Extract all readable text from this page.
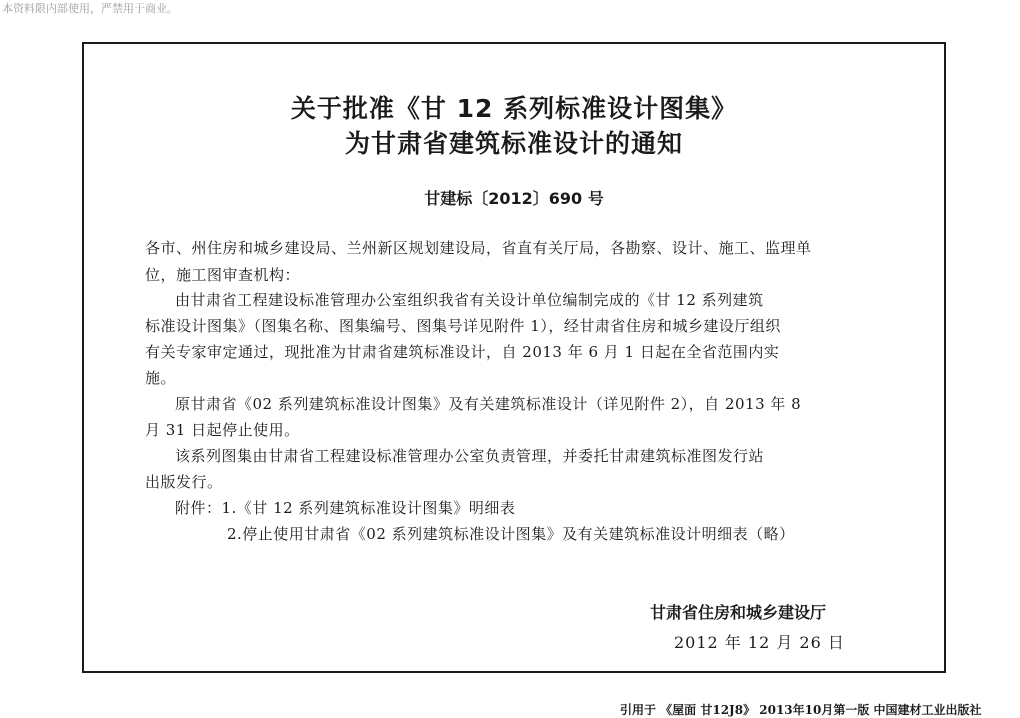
本资料限内部使用，严禁用于商业。
关于批准《甘 12 系列标准设计图集》
为甘肃省建筑标准设计的通知
甘建标〔2012〕690 号
各市、州住房和城乡建设局、兰州新区规划建设局，省直有关厅局，各勘察、设计、施工、监理单
位，施工图审查机构：
由甘肃省工程建设标准管理办公室组织我省有关设计单位编制完成的《甘 12 系列建筑
标准设计图集》（图集名称、图集编号、图集号详见附件 1），经甘肃省住房和城乡建设厅组织
有关专家审定通过，现批准为甘肃省建筑标准设计，自 2013 年 6 月 1 日起在全省范围内实
施。
原甘肃省《02 系列建筑标准设计图集》及有关建筑标准设计（详见附件 2），自 2013 年 8
月 31 日起停止使用。
该系列图集由甘肃省工程建设标准管理办公室负责管理，并委托甘肃建筑标准图发行站
出版发行。
附件：1.《甘 12 系列建筑标准设计图集》明细表
2.停止使用甘肃省《02 系列建筑标准设计图集》及有关建筑标准设计明细表（略）
甘肃省住房和城乡建设厅
2012 年 12 月 26 日
引用于 《屋面 甘12J8》 2013年10月第一版 中国建材工业出版社
